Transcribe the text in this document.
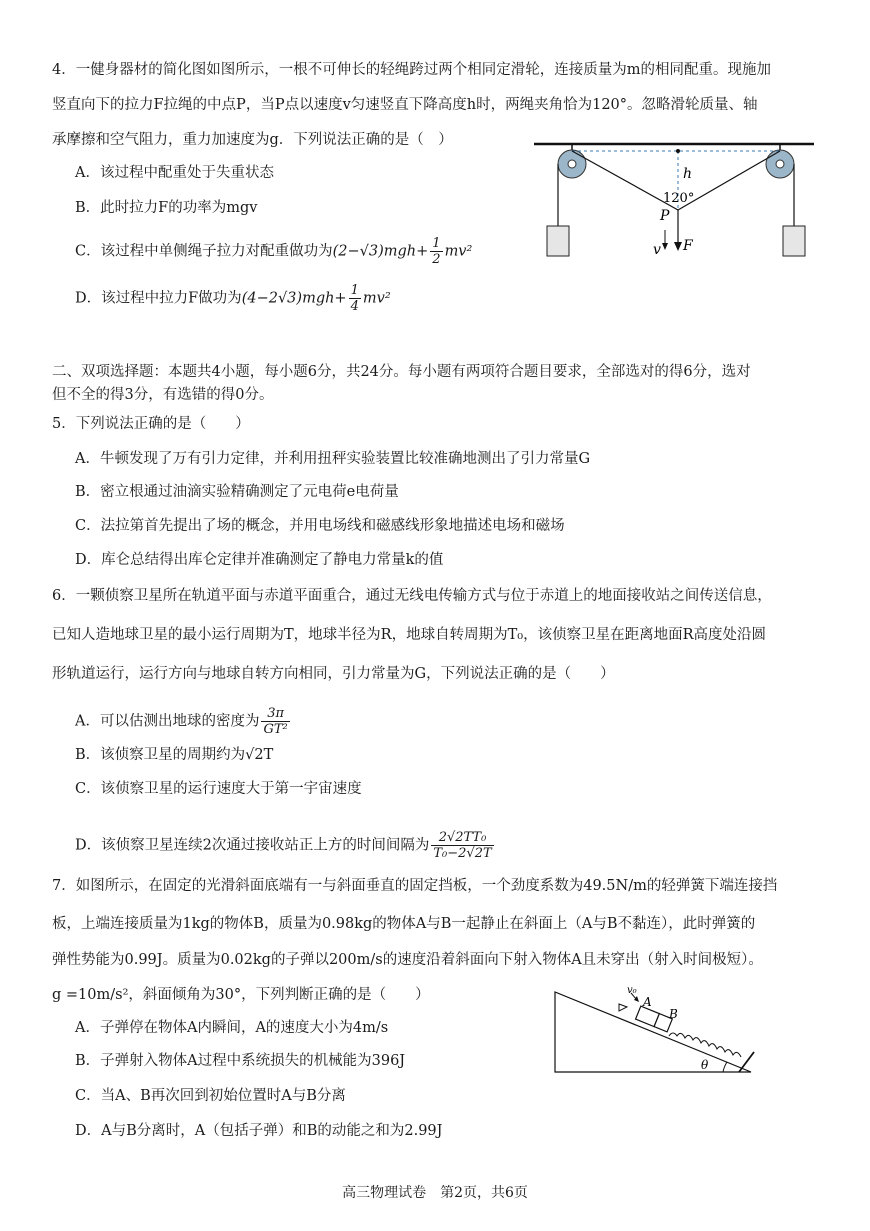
4．一健身器材的简化图如图所示，一根不可伸长的轻绳跨过两个相同定滑轮，连接质量为m的相同配重。现施加
竖直向下的拉力F拉绳的中点P，当P点以速度v匀速竖直下降高度h时，两绳夹角恰为120°。忽略滑轮质量、轴
承摩擦和空气阻力，重力加速度为g．下列说法正确的是（　）
A．该过程中配重处于失重状态
B．此时拉力F的功率为mgv
C．该过程中单侧绳子拉力对配重做功为$(2-√3)mgh+ \frac{1}{2} mv^2$
D．该过程中拉力F做功为$(4-2√3)mgh+ \frac{1}{4} mv^2$
h
120°
P
v F
二、双项选择题：本题共4小题，每小题6分，共24分。每小题有两项符合题目要求，全部选对的得6分，选对
但不全的得3分，有选错的得0分。
5．下列说法正确的是（　　）
A．牛顿发现了万有引力定律，并利用扭秤实验装置比较准确地测出了引力常量G
B．密立根通过油滴实验精确测定了元电荷e电荷量
C．法拉第首先提出了场的概念，并用电场线和磁感线形象地描述电场和磁场
D．库仑总结得出库仑定律并准确测定了静电力常量k的值
6．一颗侦察卫星所在轨道平面与赤道平面重合，通过无线电传输方式与位于赤道上的地面接收站之间传送信息，
已知人造地球卫星的最小运行周期为T，地球半径为R，地球自转周期为T₀，该侦察卫星在距离地面R高度处沿圆
形轨道运行，运行方向与地球自转方向相同，引力常量为G，下列说法正确的是（　　）
A．可以估测出地球的密度为 $\frac{3\pi}{\text{GT²}}$
B．该侦察卫星的周期约为√2T
C．该侦察卫星的运行速度大于第一宇宙速度
D．该侦察卫星连续2次通过接收站正上方的时间间隔为 $\frac{\text{2√2TT₀}}{\text{T₀−2√2T}}$
7．如图所示，在固定的光滑斜面底端有一与斜面垂直的固定挡板，一个劲度系数为49.5N/m的轻弹簧下端连接挡
板，上端连接质量为1kg的物体B，质量为0.98kg的物体A与B一起静止在斜面上（A与B不黏连），此时弹簧的
弹性势能为0.99J。质量为0.02kg的子弹以200m/s的速度沿着斜面向下射入物体A且未穿出（射入时间极短）。
g =10m/s²，斜面倾角为30°，下列判断正确的是（　　）
A．子弹停在物体A内瞬间，A的速度大小为4m/s
B．子弹射入物体A过程中系统损失的机械能为396J
C．当A、B再次回到初始位置时A与B分离
D．A与B分离时，A（包括子弹）和B的动能之和为2.99J
v₀
A
B
θ
高三物理试卷　第2页，共6页
